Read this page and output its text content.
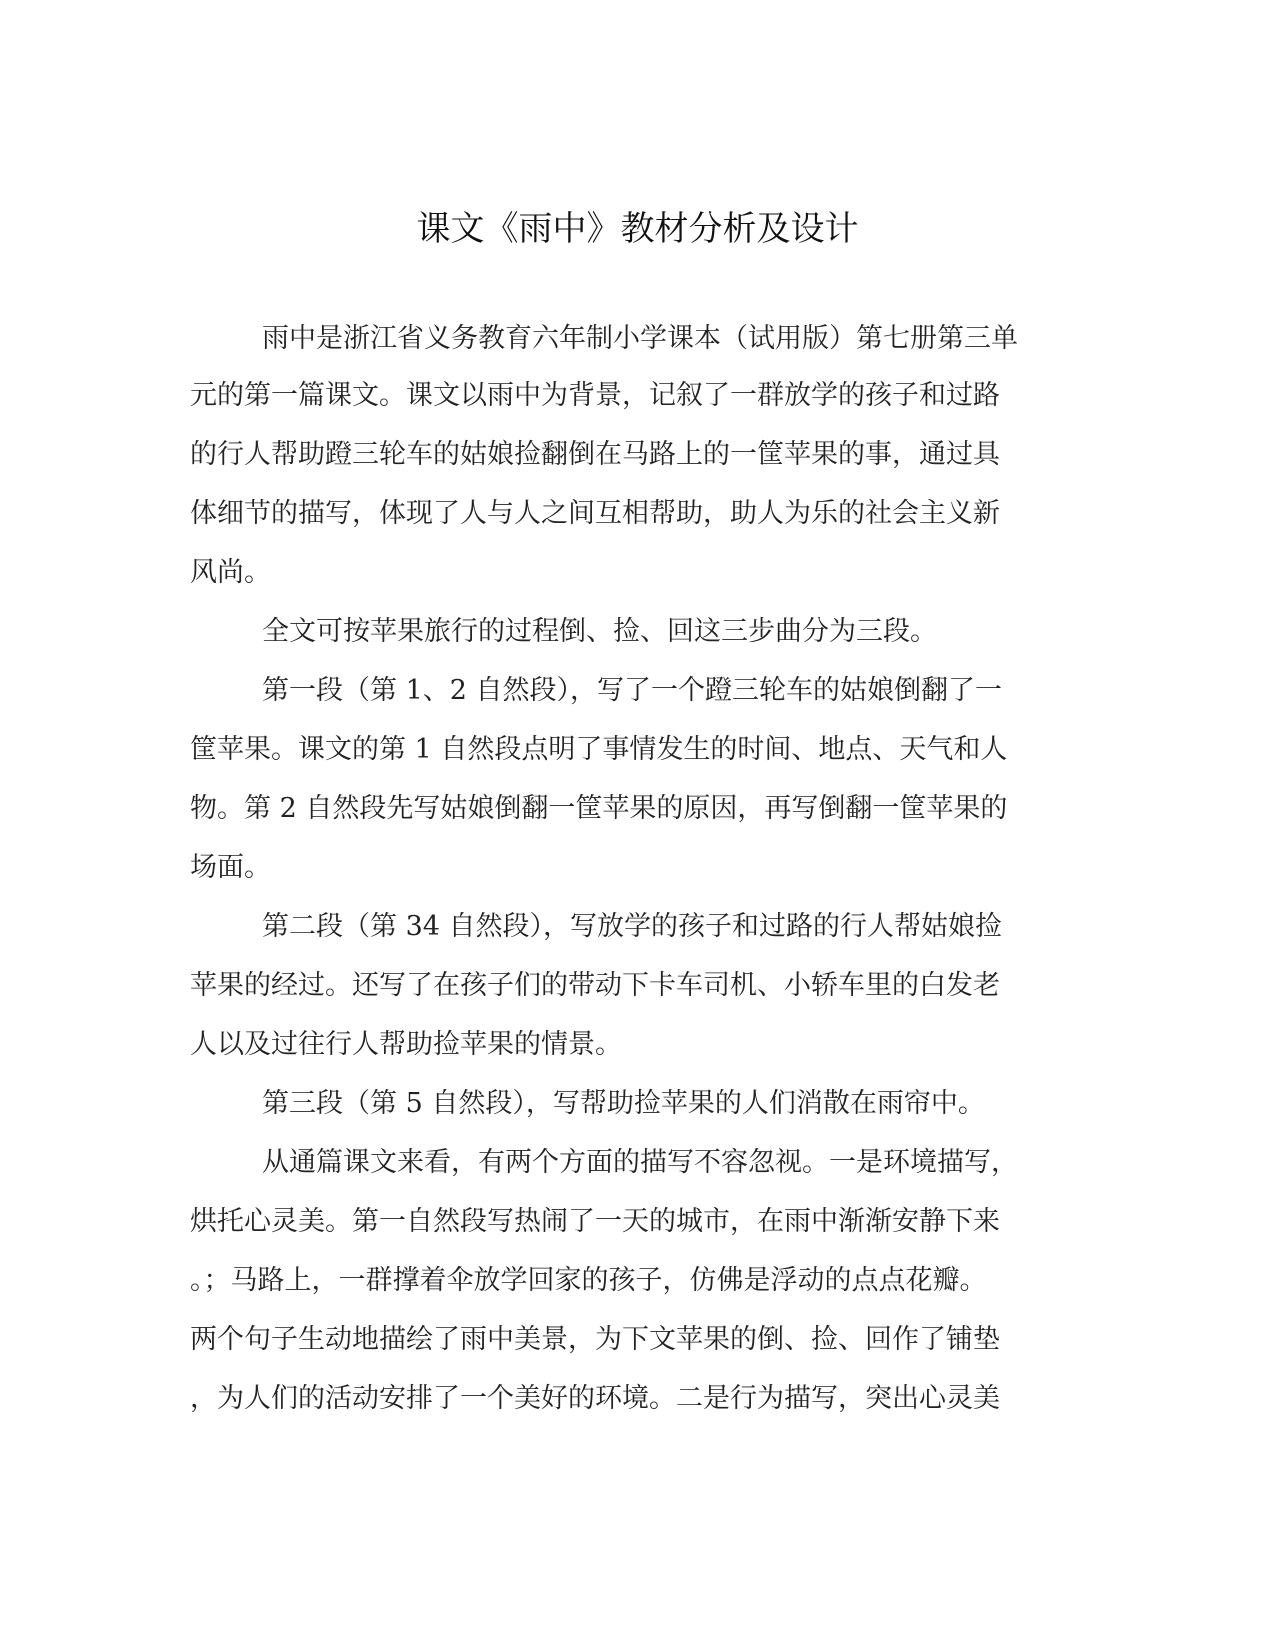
课文《雨中》教材分析及设计

雨中是浙江省义务教育六年制小学课本（试用版）第七册第三单

元的第一篇课文。课文以雨中为背景，记叙了一群放学的孩子和过路

的行人帮助蹬三轮车的姑娘捡翻倒在马路上的一筐苹果的事，通过具

体细节的描写，体现了人与人之间互相帮助，助人为乐的社会主义新

风尚。

全文可按苹果旅行的过程倒、捡、回这三步曲分为三段。

第一段（第 1、2 自然段），写了一个蹬三轮车的姑娘倒翻了一

筐苹果。课文的第 1 自然段点明了事情发生的时间、地点、天气和人

物。第 2 自然段先写姑娘倒翻一筐苹果的原因，再写倒翻一筐苹果的

场面。

第二段（第 34 自然段），写放学的孩子和过路的行人帮姑娘捡

苹果的经过。还写了在孩子们的带动下卡车司机、小轿车里的白发老

人以及过往行人帮助捡苹果的情景。

第三段（第 5 自然段），写帮助捡苹果的人们消散在雨帘中。

从通篇课文来看，有两个方面的描写不容忽视。一是环境描写，

烘托心灵美。第一自然段写热闹了一天的城市，在雨中渐渐安静下来

。；马路上，一群撑着伞放学回家的孩子，仿佛是浮动的点点花瓣。

两个句子生动地描绘了雨中美景，为下文苹果的倒、捡、回作了铺垫

，为人们的活动安排了一个美好的环境。二是行为描写，突出心灵美
